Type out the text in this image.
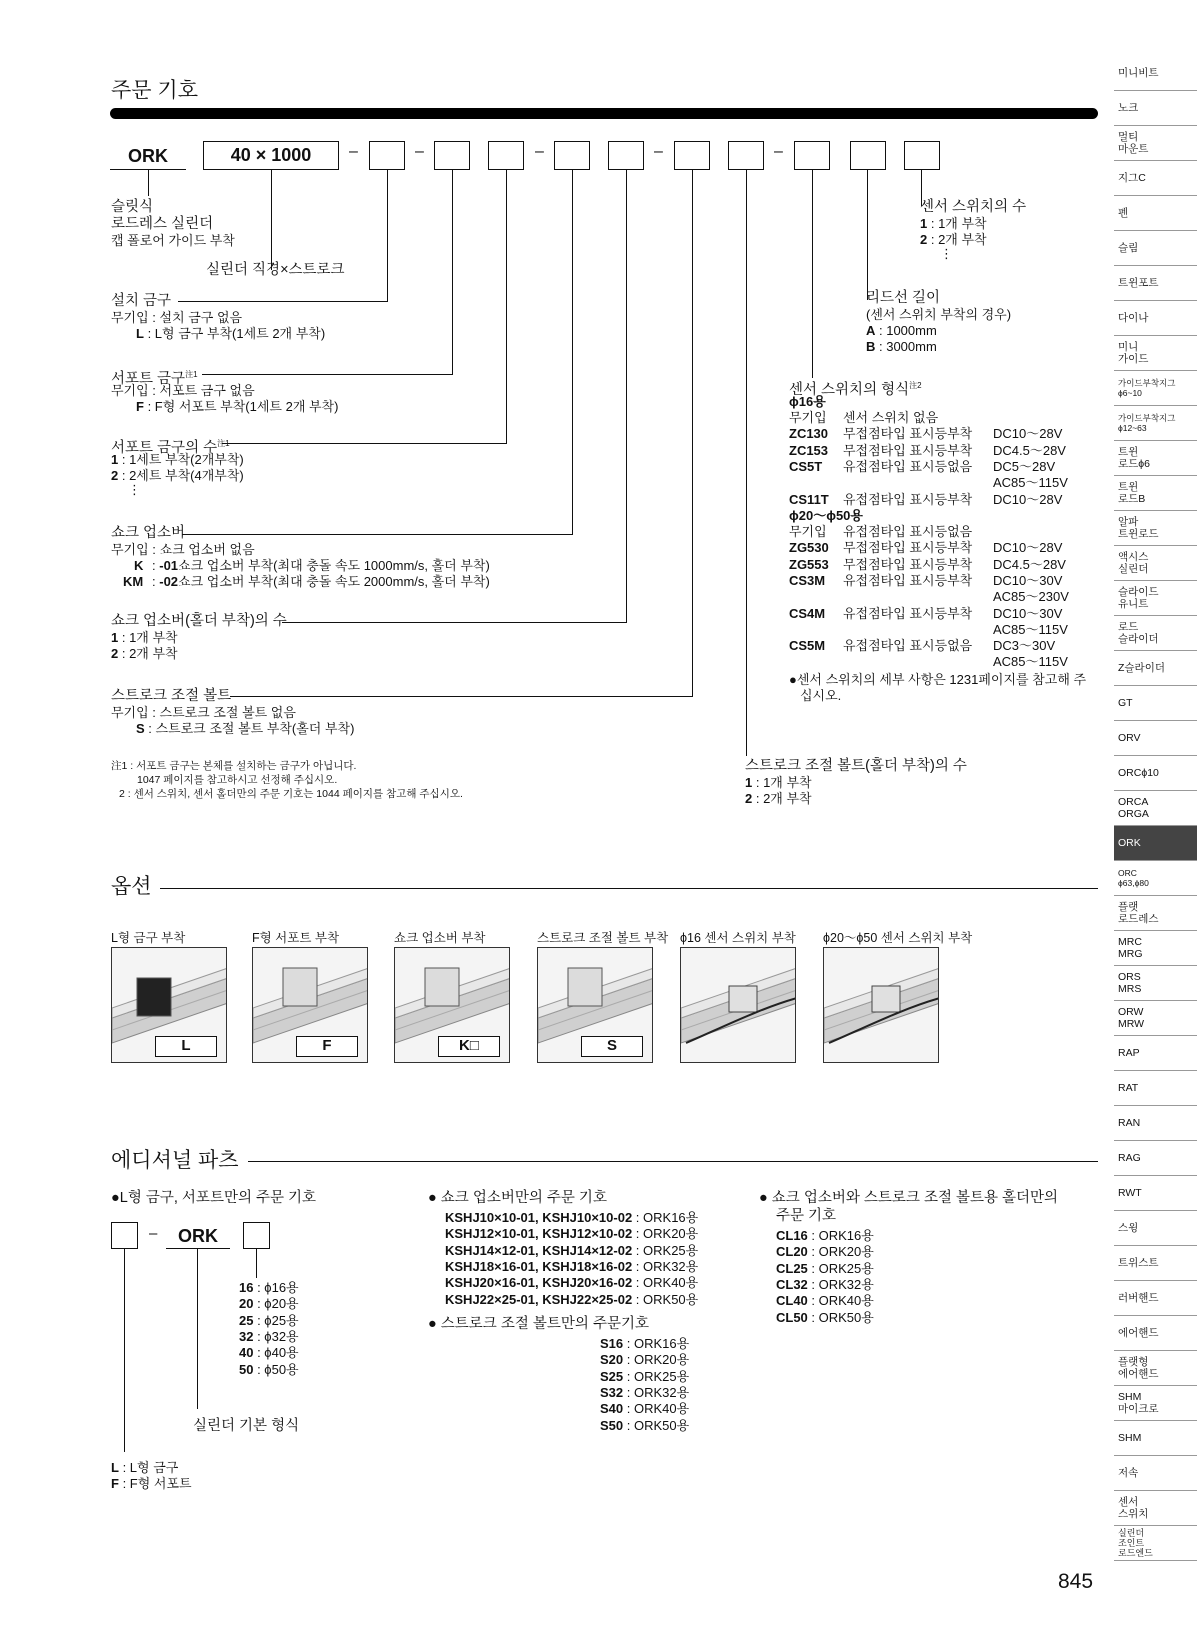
주문 기호
ORK	40 × 1000	–	–	–	–	–
슬릿식
로드레스 실린더
캡 폴로어 가이드 부착
실린더 직경×스트로크
설치 금구
무기입 : 설치 금구 없음
L : L형 금구 부착(1세트 2개 부착)
서포트 금구$^{注1}$
무기입 : 서포트 금구 없음
F : F형 서포트 부착(1세트 2개 부착)
서포트 금구의 수$^{注1}$
1 : 1세트 부착(2개부착)
2 : 2세트 부착(4개부착)
⋮
쇼크 업소버
무기입 : 쇼크 업소버 없음
K : -01쇼크 업소버 부착(최대 충돌 속도 1000mm/s, 홀더 부착)
KM : -02쇼크 업소버 부착(최대 충돌 속도 2000mm/s, 홀더 부착)
쇼크 업소버(홀더 부착)의 수
1 : 1개 부착
2 : 2개 부착
스트로크 조절 볼트
무기입 : 스트로크 조절 볼트 없음
S : 스트로크 조절 볼트 부착(홀더 부착)
注1 : 서포트 금구는 본체를 설치하는 금구가 아닙니다.
1047 페이지를 참고하시고 선정해 주십시오.
2 : 센서 스위치, 센서 홀더만의 주문 기호는 1044 페이지를 참고해 주십시오.
센서 스위치의 수
1 : 1개 부착
2 : 2개 부착
⋮
리드선 길이
(센서 스위치 부착의 경우)
A : 1000mm
B : 3000mm
센서 스위치의 형식$^{注2}$
ϕ16용
무기입 센서 스위치 없음
ZC130 무접점타입 표시등부착 DC10～28V
ZC153 무접점타입 표시등부착 DC4.5～28V
CS5T 유접점타입 표시등없음 DC5～28V
AC85～115V
CS11T 유접점타입 표시등부착 DC10～28V
ϕ20～ϕ50용
무기입 유접점타입 표시등없음
ZG530 무접점타입 표시등부착 DC10～28V
ZG553 무접점타입 표시등부착 DC4.5～28V
CS3M 유접점타입 표시등부착 DC10～30V
AC85～230V
CS4M 유접점타입 표시등부착 DC10～30V
AC85～115V
CS5M 유접점타입 표시등없음 DC3～30V
AC85～115V
●센서 스위치의 세부 사항은 1231페이지를 참고해 주
십시오.
스트로크 조절 볼트(홀더 부착)의 수
1 : 1개 부착
2 : 2개 부착
옵션
L형 금구 부착
L
F형 서포트 부착
F
쇼크 업소버 부착
K□
스트로크 조절 볼트 부착
S
ϕ16 센서 스위치 부착 ϕ20～ϕ50 센서 스위치 부착
에디셔널 파츠
●L형 금구, 서포트만의 주문 기호
–	ORK
16 : ϕ16용
20 : ϕ20용
25 : ϕ25용
32 : ϕ32용
40 : ϕ40용
50 : ϕ50용
실린더 기본 형식
L : L형 금구
F : F형 서포트
● 쇼크 업소버만의 주문 기호
KSHJ10×10-01, KSHJ10×10-02 : ORK16용
KSHJ12×10-01, KSHJ12×10-02 : ORK20용
KSHJ14×12-01, KSHJ14×12-02 : ORK25용
KSHJ18×16-01, KSHJ18×16-02 : ORK32용
KSHJ20×16-01, KSHJ20×16-02 : ORK40용
KSHJ22×25-01, KSHJ22×25-02 : ORK50용
● 스트로크 조절 볼트만의 주문기호
S16 : ORK16용
S20 : ORK20용
S25 : ORK25용
S32 : ORK32용
S40 : ORK40용
S50 : ORK50용
● 쇼크 업소버와 스트로크 조절 볼트용 홀더만의
주문 기호
CL16 : ORK16용
CL20 : ORK20용
CL25 : ORK25용
CL32 : ORK32용
CL40 : ORK40용
CL50 : ORK50용
845
미니비트
노크
멀티
마운트
지그C
펜
슬림
트윈포트
다이나
미니
가이드
가이드부착지그
ϕ6~10
가이드부착지그
ϕ12~63
트윈
로드ϕ6
트윈
로드B
알파
트윈로드
액시스
실린더
슬라이드
유니트
로드
슬라이더
Z슬라이더
GT
ORV
ORCϕ10
ORCA
ORGA
ORK
ORC
ϕ63,ϕ80
플랫
로드레스
MRC
MRG
ORS
MRS
ORW
MRW
RAP
RAT
RAN
RAG
RWT
스윙
트위스트
러버핸드
에어핸드
플랫형
에어핸드
SHM
마이크로
SHM
저속
센서
스위치
실린더
조인트
로드엔드
